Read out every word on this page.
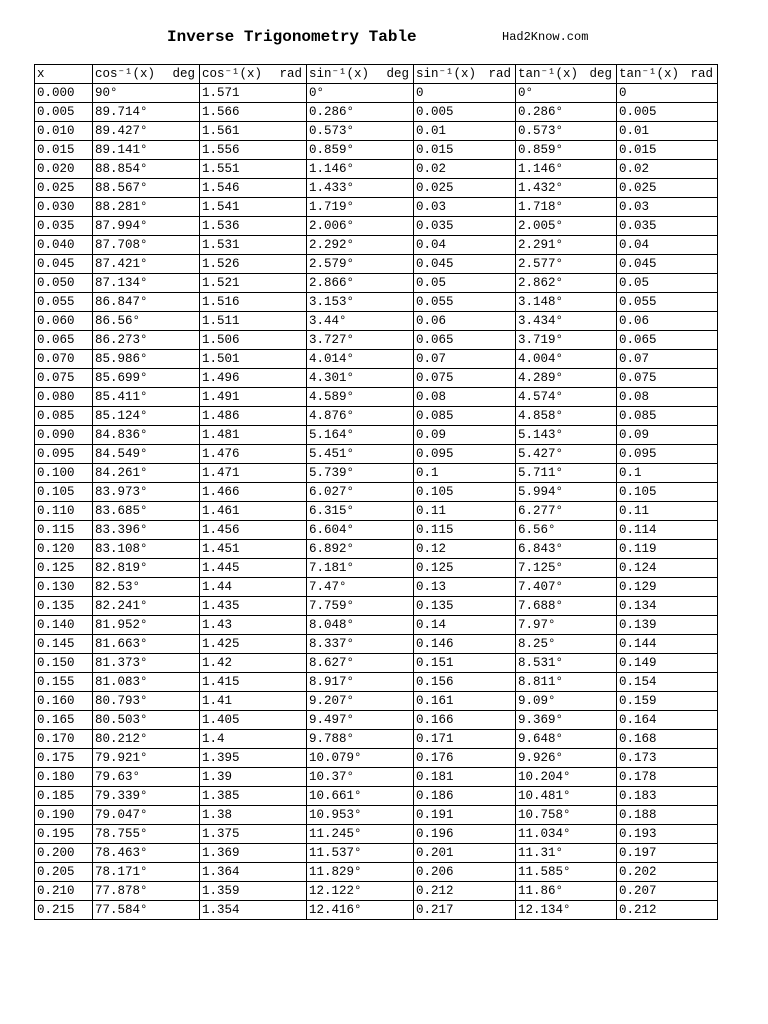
Inverse Trigonometry Table	Had2Know.com
x	cos⁻¹(x) deg	cos⁻¹(x) rad	sin⁻¹(x) deg	sin⁻¹(x) rad	tan⁻¹(x) deg	tan⁻¹(x) rad

0.000	90°	1.571	0°	0	0°	0
0.005	89.714°	1.566	0.286°	0.005	0.286°	0.005
0.010	89.427°	1.561	0.573°	0.01	0.573°	0.01
0.015	89.141°	1.556	0.859°	0.015	0.859°	0.015
0.020	88.854°	1.551	1.146°	0.02	1.146°	0.02
0.025	88.567°	1.546	1.433°	0.025	1.432°	0.025
0.030	88.281°	1.541	1.719°	0.03	1.718°	0.03
0.035	87.994°	1.536	2.006°	0.035	2.005°	0.035
0.040	87.708°	1.531	2.292°	0.04	2.291°	0.04
0.045	87.421°	1.526	2.579°	0.045	2.577°	0.045
0.050	87.134°	1.521	2.866°	0.05	2.862°	0.05
0.055	86.847°	1.516	3.153°	0.055	3.148°	0.055
0.060	86.56°	1.511	3.44°	0.06	3.434°	0.06
0.065	86.273°	1.506	3.727°	0.065	3.719°	0.065
0.070	85.986°	1.501	4.014°	0.07	4.004°	0.07
0.075	85.699°	1.496	4.301°	0.075	4.289°	0.075
0.080	85.411°	1.491	4.589°	0.08	4.574°	0.08
0.085	85.124°	1.486	4.876°	0.085	4.858°	0.085
0.090	84.836°	1.481	5.164°	0.09	5.143°	0.09
0.095	84.549°	1.476	5.451°	0.095	5.427°	0.095
0.100	84.261°	1.471	5.739°	0.1	5.711°	0.1
0.105	83.973°	1.466	6.027°	0.105	5.994°	0.105
0.110	83.685°	1.461	6.315°	0.11	6.277°	0.11
0.115	83.396°	1.456	6.604°	0.115	6.56°	0.114
0.120	83.108°	1.451	6.892°	0.12	6.843°	0.119
0.125	82.819°	1.445	7.181°	0.125	7.125°	0.124
0.130	82.53°	1.44	7.47°	0.13	7.407°	0.129
0.135	82.241°	1.435	7.759°	0.135	7.688°	0.134
0.140	81.952°	1.43	8.048°	0.14	7.97°	0.139
0.145	81.663°	1.425	8.337°	0.146	8.25°	0.144
0.150	81.373°	1.42	8.627°	0.151	8.531°	0.149
0.155	81.083°	1.415	8.917°	0.156	8.811°	0.154
0.160	80.793°	1.41	9.207°	0.161	9.09°	0.159
0.165	80.503°	1.405	9.497°	0.166	9.369°	0.164
0.170	80.212°	1.4	9.788°	0.171	9.648°	0.168
0.175	79.921°	1.395	10.079°	0.176	9.926°	0.173
0.180	79.63°	1.39	10.37°	0.181	10.204°	0.178
0.185	79.339°	1.385	10.661°	0.186	10.481°	0.183
0.190	79.047°	1.38	10.953°	0.191	10.758°	0.188
0.195	78.755°	1.375	11.245°	0.196	11.034°	0.193
0.200	78.463°	1.369	11.537°	0.201	11.31°	0.197
0.205	78.171°	1.364	11.829°	0.206	11.585°	0.202
0.210	77.878°	1.359	12.122°	0.212	11.86°	0.207
0.215	77.584°	1.354	12.416°	0.217	12.134°	0.212
